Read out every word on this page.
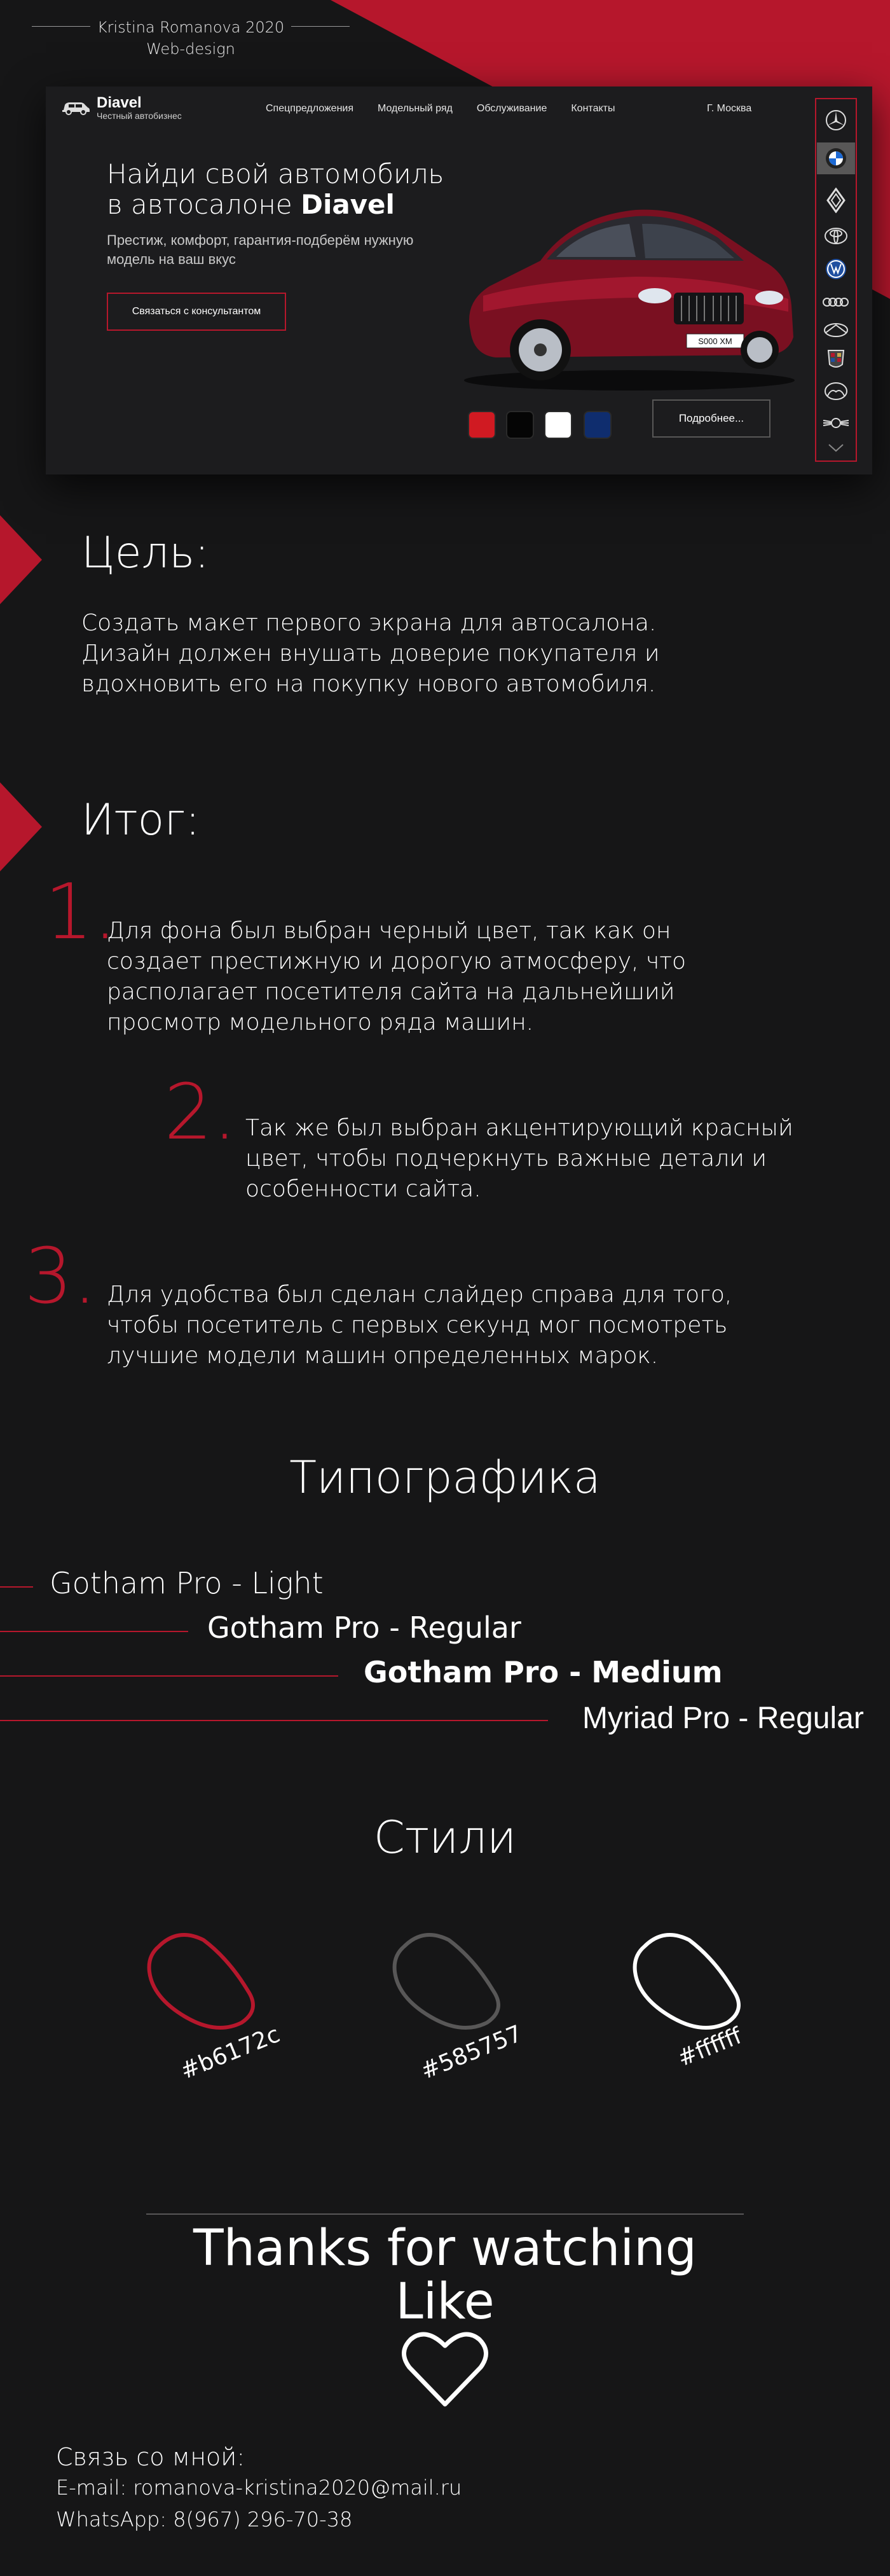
Kristina Romanova 2020
Web-design
Diavel
Честный автобизнес
Спецпредложения Модельный ряд Обслуживание Контакты	Г. Москва
Найди свой автомобиль
в автосалоне Diavel
Престиж, комфорт, гарантия-подберём нужную модель на ваш вкус
Связаться с консультантом
S000 XM
Подробнее...
Цель:
Создать макет первого экрана для автосалона. Дизайн должен внушать доверие покупателя и вдохновить его на покупку нового автомобиля.
Итог:
1.
Для фона был выбран черный цвет, так как он создает престижную и дорогую атмосферу, что располагает посетителя сайта на дальнейший просмотр модельного ряда машин.
2. Так же был выбран акцентирующий красный цвет, чтобы подчеркнуть важные детали и особенности сайта.
3. Для удобства был сделан слайдер справа для того, чтобы посетитель с первых секунд мог посмотреть лучшие модели машин определенных марок.
Типографика
Gotham Pro - Light
Gotham Pro - Regular
Gotham Pro - Medium
Myriad Pro - Regular
Стили
#b6172c	#585757	#ffffff
Thanks for watching
Like
Связь со мной:
E-mail: romanova-kristina2020@mail.ru
WhatsApp: 8(967) 296-70-38
